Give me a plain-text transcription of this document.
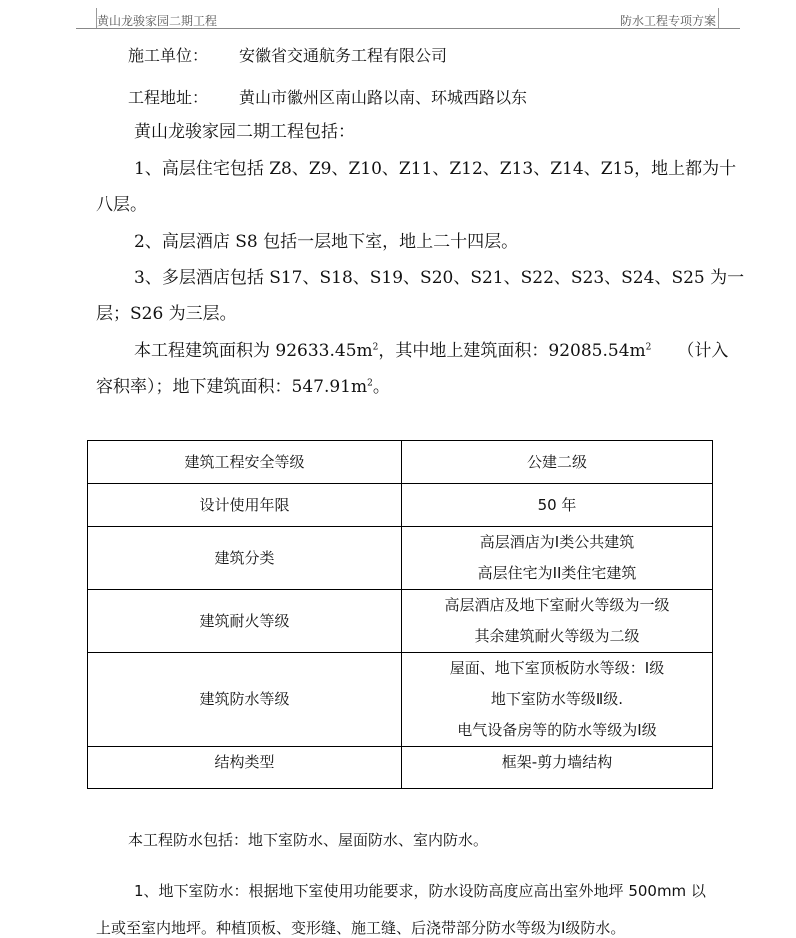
黄山龙骏家园二期工程	防水工程专项方案
施工单位： 安徽省交通航务工程有限公司
工程地址： 黄山市徽州区南山路以南、环城西路以东
黄山龙骏家园二期工程包括：
1、高层住宅包括 Z8、Z9、Z10、Z11、Z12、Z13、Z14、Z15，地上都为十
八层。
2、高层酒店 S8 包括一层地下室，地上二十四层。
3、多层酒店包括 S17、S18、S19、S20、S21、S22、S23、S24、S25 为一
层；S26 为三层。
本工程建筑面积为 $92633.45m^2$，其中地上建筑面积：$92085.54m^2$ （计入
容积率）；地下建筑面积：$547.91m^2$。
建筑工程安全等级	公建二级

设计使用年限	50 年

建筑分类	高层酒店为Ⅰ类公共建筑
高层住宅为ⅠⅠ类住宅建筑

建筑耐火等级	高层酒店及地下室耐火等级为一级
其余建筑耐火等级为二级

建筑防水等级	屋面、地下室顶板防水等级：Ⅰ级
地下室防水等级Ⅱ级.
电气设备房等的防水等级为Ⅰ级

结构类型	框架-剪力墙结构
本工程防水包括：地下室防水、屋面防水、室内防水。
1、地下室防水：根据地下室使用功能要求，防水设防高度应高出室外地坪 500mm 以
上或至室内地坪。种植顶板、变形缝、施工缝、后浇带部分防水等级为Ⅰ级防水。
